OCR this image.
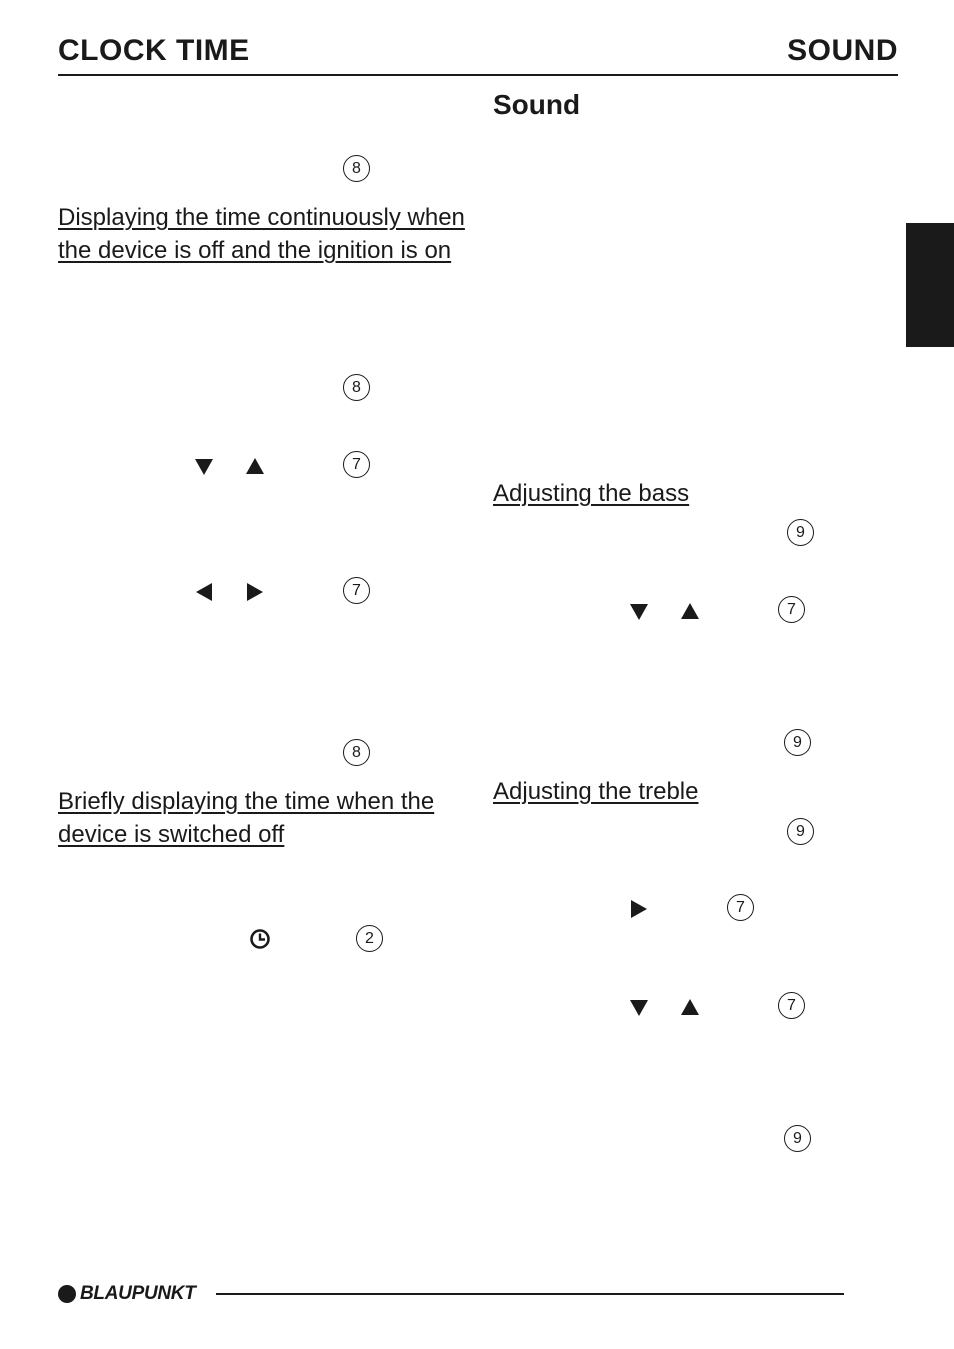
CLOCK TIME	SOUND
Sound
8

Displaying the time continuously when the device is off and the ignition is on

8
7
7
8

Briefly displaying the time when the device is switched off

2

Adjusting the bass

9
7
9

Adjusting the treble

9
7
7
9
BLAUPUNKT
